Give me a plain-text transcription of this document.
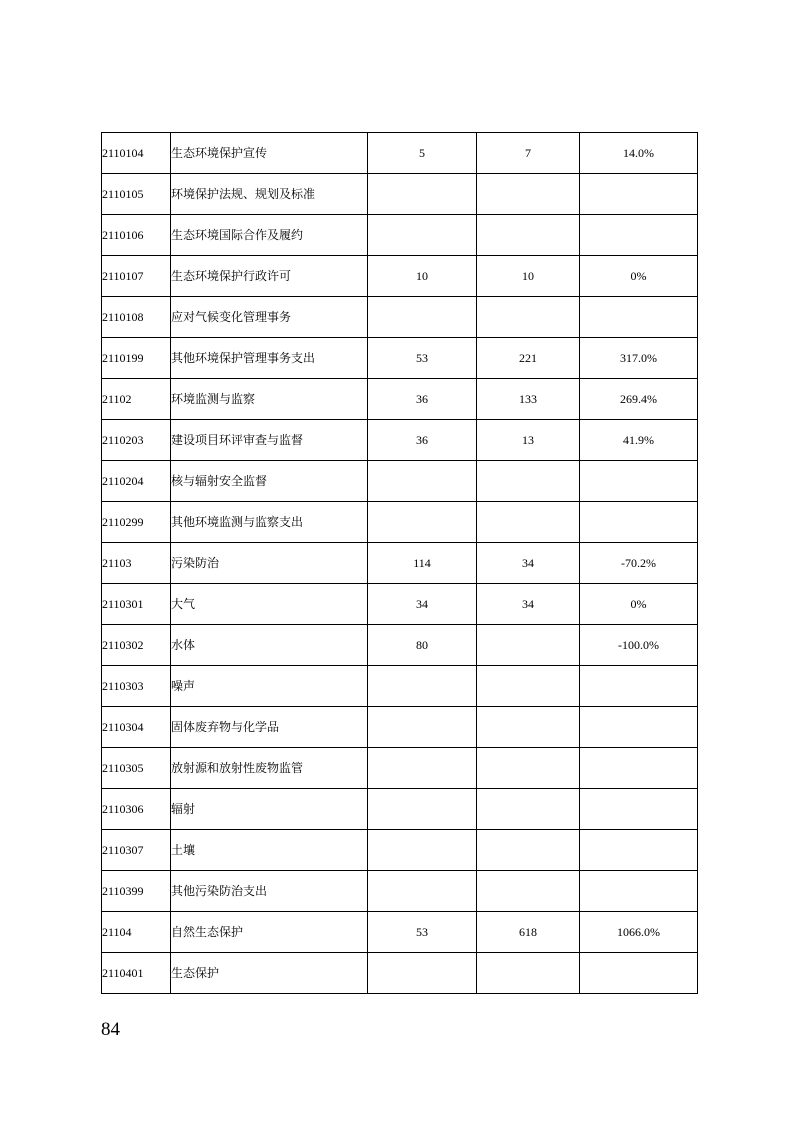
2110104	生态环境保护宣传	5	7	14.0%
2110105	环境保护法规、规划及标准			
2110106	生态环境国际合作及履约			
2110107	生态环境保护行政许可	10	10	0%
2110108	应对气候变化管理事务			
2110199	其他环境保护管理事务支出	53	221	317.0%
21102	环境监测与监察	36	133	269.4%
2110203	建设项目环评审查与监督	36	13	41.9%
2110204	核与辐射安全监督			
2110299	其他环境监测与监察支出			
21103	污染防治	114	34	-70.2%
2110301	大气	34	34	0%
2110302	水体	80		-100.0%
2110303	噪声			
2110304	固体废弃物与化学品			
2110305	放射源和放射性废物监管			
2110306	辐射			
2110307	土壤			
2110399	其他污染防治支出			
21104	自然生态保护	53	618	1066.0%
2110401	生态保护			
84
